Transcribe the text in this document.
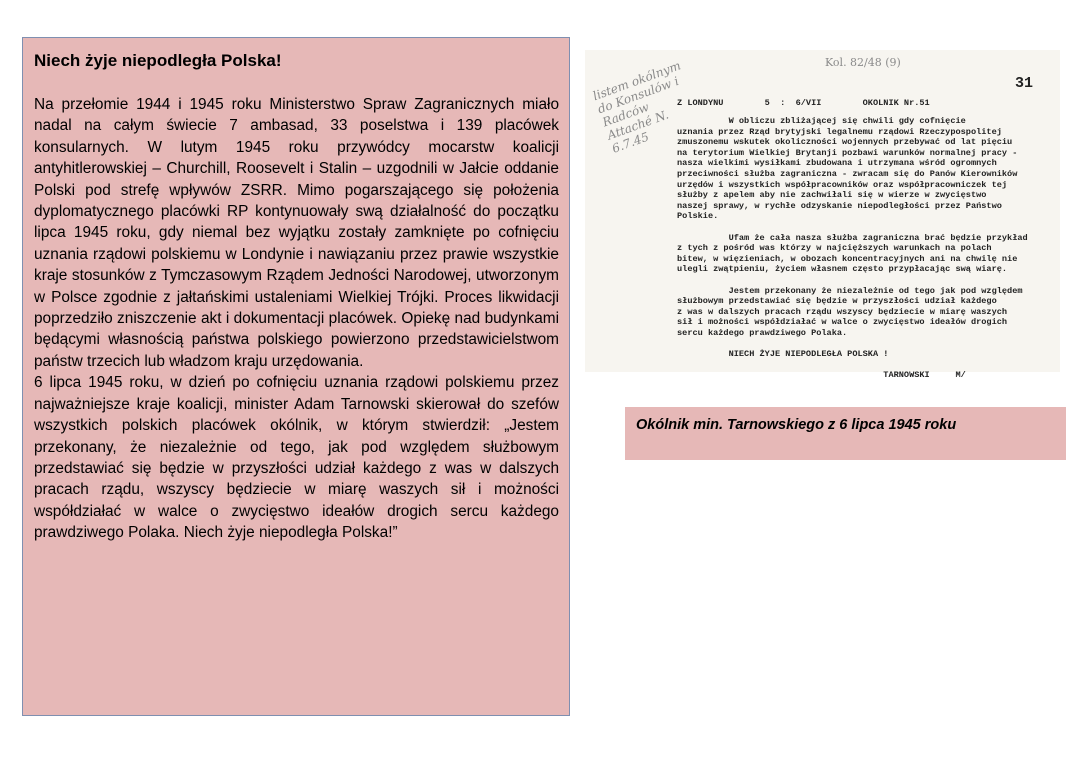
Niech żyje niepodległa Polska!

Na przełomie 1944 i 1945 roku Ministerstwo Spraw Zagranicznych miało nadal na całym świecie 7 ambasad, 33 poselstwa i 139 placówek konsularnych. W lutym 1945 roku przywódcy mocarstw koalicji antyhitlerowskiej – Churchill, Roosevelt i Stalin – uzgodnili w Jałcie oddanie Polski pod strefę wpływów ZSRR. Mimo pogarszającego się położenia dyplomatycznego placówki RP kontynuowały swą działalność do początku lipca 1945 roku, gdy niemal bez wyjątku zostały zamknięte po cofnięciu uznania rządowi polskiemu w Londynie i nawiązaniu przez prawie wszystkie kraje stosunków z Tymczasowym Rządem Jedności Narodowej, utworzonym w Polsce zgodnie z jałtańskimi ustaleniami Wielkiej Trójki. Proces likwidacji poprzedziło zniszczenie akt i dokumentacji placówek. Opiekę nad budynkami będącymi własnością państwa polskiego powierzono przedstawicielstwom państw trzecich lub władzom kraju urzędowania.

6 lipca 1945 roku, w dzień po cofnięciu uznania rządowi polskiemu przez najważniejsze kraje koalicji, minister Adam Tarnowski skierował do szefów wszystkich polskich placówek okólnik, w którym stwierdził: „Jestem przekonany, że niezależnie od tego, jak pod względem służbowym przedstawiać się będzie w przyszłości udział każdego z was w dalszych pracach rządu, wszyscy będziecie w miarę waszych sił i możności współdziałać w walce o zwycięstwo ideałów drogich sercu każdego prawdziwego Polaka. Niech żyje niepodległa Polska!”

Kol. 82/48 (9)
31
listem okólnym do Konsulów i Radców Attaché N. 6.7.45
Z LONDYNU        5  :  6/VII        OKOLNIK Nr.51
W obliczu zbliżającej się chwili gdy cofnięcie
uznania przez Rząd brytyjski legalnemu rządowi Rzeczypospolitej
zmuszonemu wskutek okoliczności wojennych przebywać od lat pięciu
na terytorium Wielkiej Brytanji pozbawi warunków normalnej pracy -
nasza wielkimi wysiłkami zbudowana i utrzymana wśród ogromnych
przeciwności służba zagraniczna - zwracam się do Panów Kierowników
urzędów i wszystkich współpracowników oraz współpracowniczek tej
służby z apelem aby nie zachwiłali się w wierze w zwycięstwo
naszej sprawy, w rychłe odzyskanie niepodległości przez Państwo
Polskie.

Ufam że cała nasza służba zagraniczna brać będzie przykład
z tych z pośród was którzy w najcięższych warunkach na polach
bitew, w więzieniach, w obozach koncentracyjnych ani na chwilę nie
ulegli zwątpieniu, życiem własnem często przypłacając swą wiarę.

Jestem przekonany że niezależnie od tego jak pod względem
służbowym przedstawiać się będzie w przyszłości udział każdego
z was w dalszych pracach rządu wszyscy będziecie w miarę waszych
sił i możności współdziałać w walce o zwycięstwo ideałów drogich
sercu każdego prawdziwego Polaka.

NIECH ŻYJE NIEPODLEGŁA POLSKA !

TARNOWSKI     M/
Okólnik min. Tarnowskiego z 6 lipca 1945 roku
